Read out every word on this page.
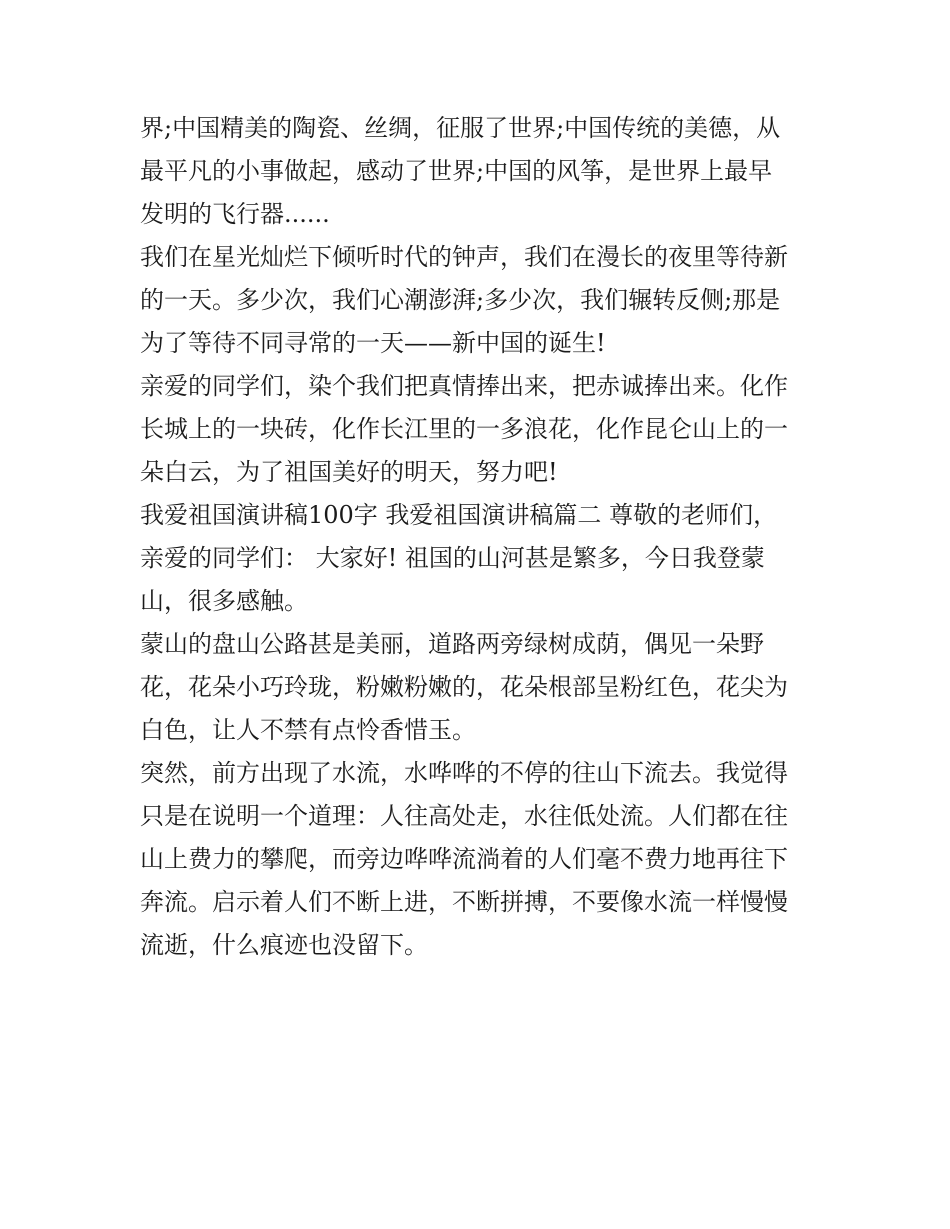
界;中国精美的陶瓷、丝绸，征服了世界;中国传统的美德，从
最平凡的小事做起，感动了世界;中国的风筝，是世界上最早
发明的飞行器......
我们在星光灿烂下倾听时代的钟声，我们在漫长的夜里等待新
的一天。多少次，我们心潮澎湃;多少次，我们辗转反侧;那是
为了等待不同寻常的一天——新中国的诞生!
亲爱的同学们，染个我们把真情捧出来，把赤诚捧出来。化作
长城上的一块砖，化作长江里的一多浪花，化作昆仑山上的一
朵白云，为了祖国美好的明天，努力吧!
我爱祖国演讲稿100字 我爱祖国演讲稿篇二 尊敬的老师们，
亲爱的同学们： 大家好! 祖国的山河甚是繁多，今日我登蒙
山，很多感触。
蒙山的盘山公路甚是美丽，道路两旁绿树成荫，偶见一朵野
花，花朵小巧玲珑，粉嫩粉嫩的，花朵根部呈粉红色，花尖为
白色，让人不禁有点怜香惜玉。
突然，前方出现了水流，水哗哗的不停的往山下流去。我觉得
只是在说明一个道理：人往高处走，水往低处流。人们都在往
山上费力的攀爬，而旁边哗哗流淌着的人们毫不费力地再往下
奔流。启示着人们不断上进，不断拼搏，不要像水流一样慢慢
流逝，什么痕迹也没留下。
